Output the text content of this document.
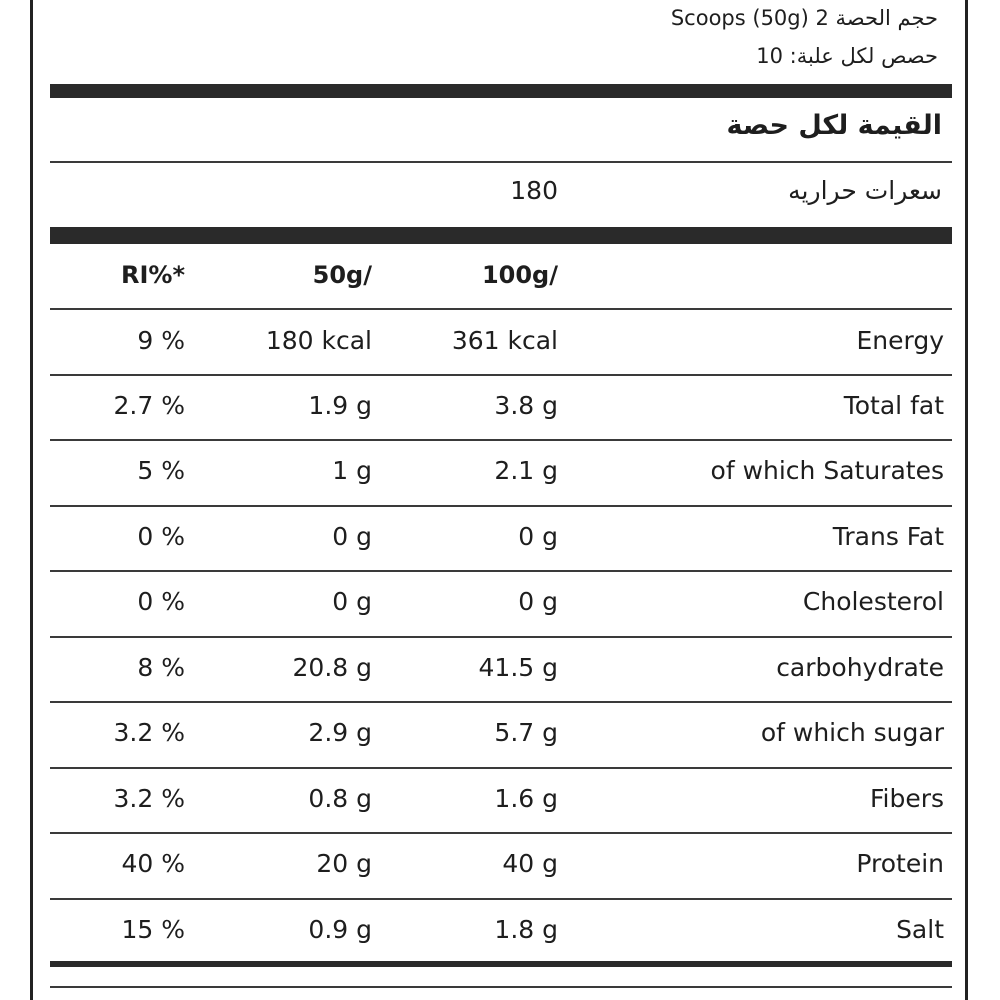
حجم الحصة 2 (50g) Scoops
حصص لكل علبة: 10
القيمة لكل حصة
سعرات حراريه
180
100g/
50g/
RI%*
Energy
361 kcal
180 kcal
9 %
Total fat
3.8 g
1.9 g
2.7 %
of which Saturates
2.1 g
1 g
5 %
Trans Fat
0 g
0 g
0 %
Cholesterol
0 g
0 g
0 %
carbohydrate
41.5 g
20.8 g
8 %
of which sugar
5.7 g
2.9 g
3.2 %
Fibers
1.6 g
0.8 g
3.2 %
Protein
40 g
20 g
40 %
Salt
1.8 g
0.9 g
15 %
